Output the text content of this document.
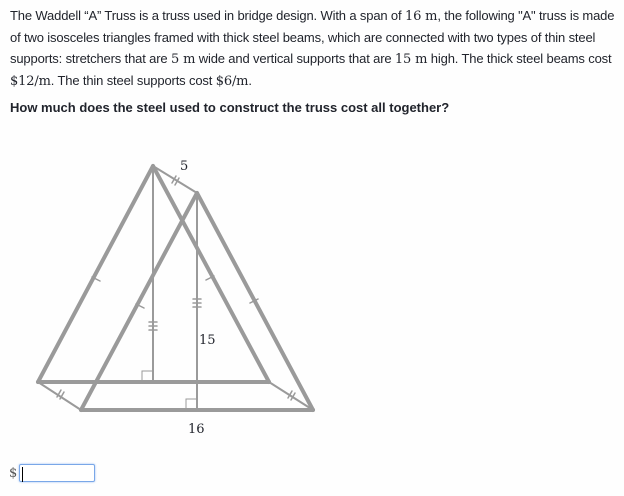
The Waddell “A” Truss is a truss used in bridge design. With a span of 16 m, the following "A" truss is made of two isosceles triangles framed with thick steel beams, which are connected with two types of thin steel supports: stretchers that are 5 m wide and vertical supports that are 15 m high. The thick steel beams cost $12/m. The thin steel supports cost $6/m.
How much does the steel used to construct the truss cost all together?
5
15
16
$
